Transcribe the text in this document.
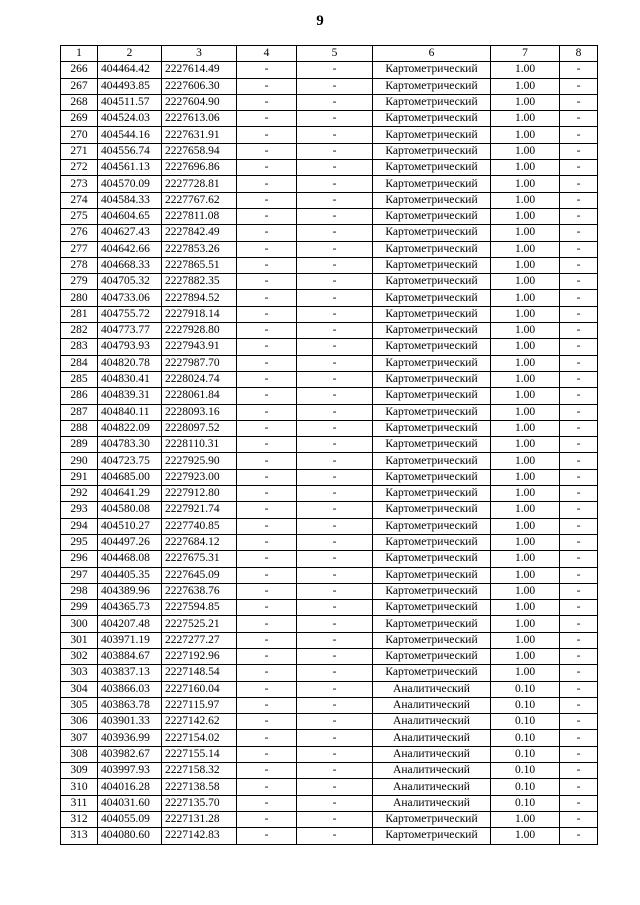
9
1	2	3	4	5	6	7	8
266	404464.42	2227614.49	-	-	Картометрический	1.00	-
267	404493.85	2227606.30	-	-	Картометрический	1.00	-
268	404511.57	2227604.90	-	-	Картометрический	1.00	-
269	404524.03	2227613.06	-	-	Картометрический	1.00	-
270	404544.16	2227631.91	-	-	Картометрический	1.00	-
271	404556.74	2227658.94	-	-	Картометрический	1.00	-
272	404561.13	2227696.86	-	-	Картометрический	1.00	-
273	404570.09	2227728.81	-	-	Картометрический	1.00	-
274	404584.33	2227767.62	-	-	Картометрический	1.00	-
275	404604.65	2227811.08	-	-	Картометрический	1.00	-
276	404627.43	2227842.49	-	-	Картометрический	1.00	-
277	404642.66	2227853.26	-	-	Картометрический	1.00	-
278	404668.33	2227865.51	-	-	Картометрический	1.00	-
279	404705.32	2227882.35	-	-	Картометрический	1.00	-
280	404733.06	2227894.52	-	-	Картометрический	1.00	-
281	404755.72	2227918.14	-	-	Картометрический	1.00	-
282	404773.77	2227928.80	-	-	Картометрический	1.00	-
283	404793.93	2227943.91	-	-	Картометрический	1.00	-
284	404820.78	2227987.70	-	-	Картометрический	1.00	-
285	404830.41	2228024.74	-	-	Картометрический	1.00	-
286	404839.31	2228061.84	-	-	Картометрический	1.00	-
287	404840.11	2228093.16	-	-	Картометрический	1.00	-
288	404822.09	2228097.52	-	-	Картометрический	1.00	-
289	404783.30	2228110.31	-	-	Картометрический	1.00	-
290	404723.75	2227925.90	-	-	Картометрический	1.00	-
291	404685.00	2227923.00	-	-	Картометрический	1.00	-
292	404641.29	2227912.80	-	-	Картометрический	1.00	-
293	404580.08	2227921.74	-	-	Картометрический	1.00	-
294	404510.27	2227740.85	-	-	Картометрический	1.00	-
295	404497.26	2227684.12	-	-	Картометрический	1.00	-
296	404468.08	2227675.31	-	-	Картометрический	1.00	-
297	404405.35	2227645.09	-	-	Картометрический	1.00	-
298	404389.96	2227638.76	-	-	Картометрический	1.00	-
299	404365.73	2227594.85	-	-	Картометрический	1.00	-
300	404207.48	2227525.21	-	-	Картометрический	1.00	-
301	403971.19	2227277.27	-	-	Картометрический	1.00	-
302	403884.67	2227192.96	-	-	Картометрический	1.00	-
303	403837.13	2227148.54	-	-	Картометрический	1.00	-
304	403866.03	2227160.04	-	-	Аналитический	0.10	-
305	403863.78	2227115.97	-	-	Аналитический	0.10	-
306	403901.33	2227142.62	-	-	Аналитический	0.10	-
307	403936.99	2227154.02	-	-	Аналитический	0.10	-
308	403982.67	2227155.14	-	-	Аналитический	0.10	-
309	403997.93	2227158.32	-	-	Аналитический	0.10	-
310	404016.28	2227138.58	-	-	Аналитический	0.10	-
311	404031.60	2227135.70	-	-	Аналитический	0.10	-
312	404055.09	2227131.28	-	-	Картометрический	1.00	-
313	404080.60	2227142.83	-	-	Картометрический	1.00	-
